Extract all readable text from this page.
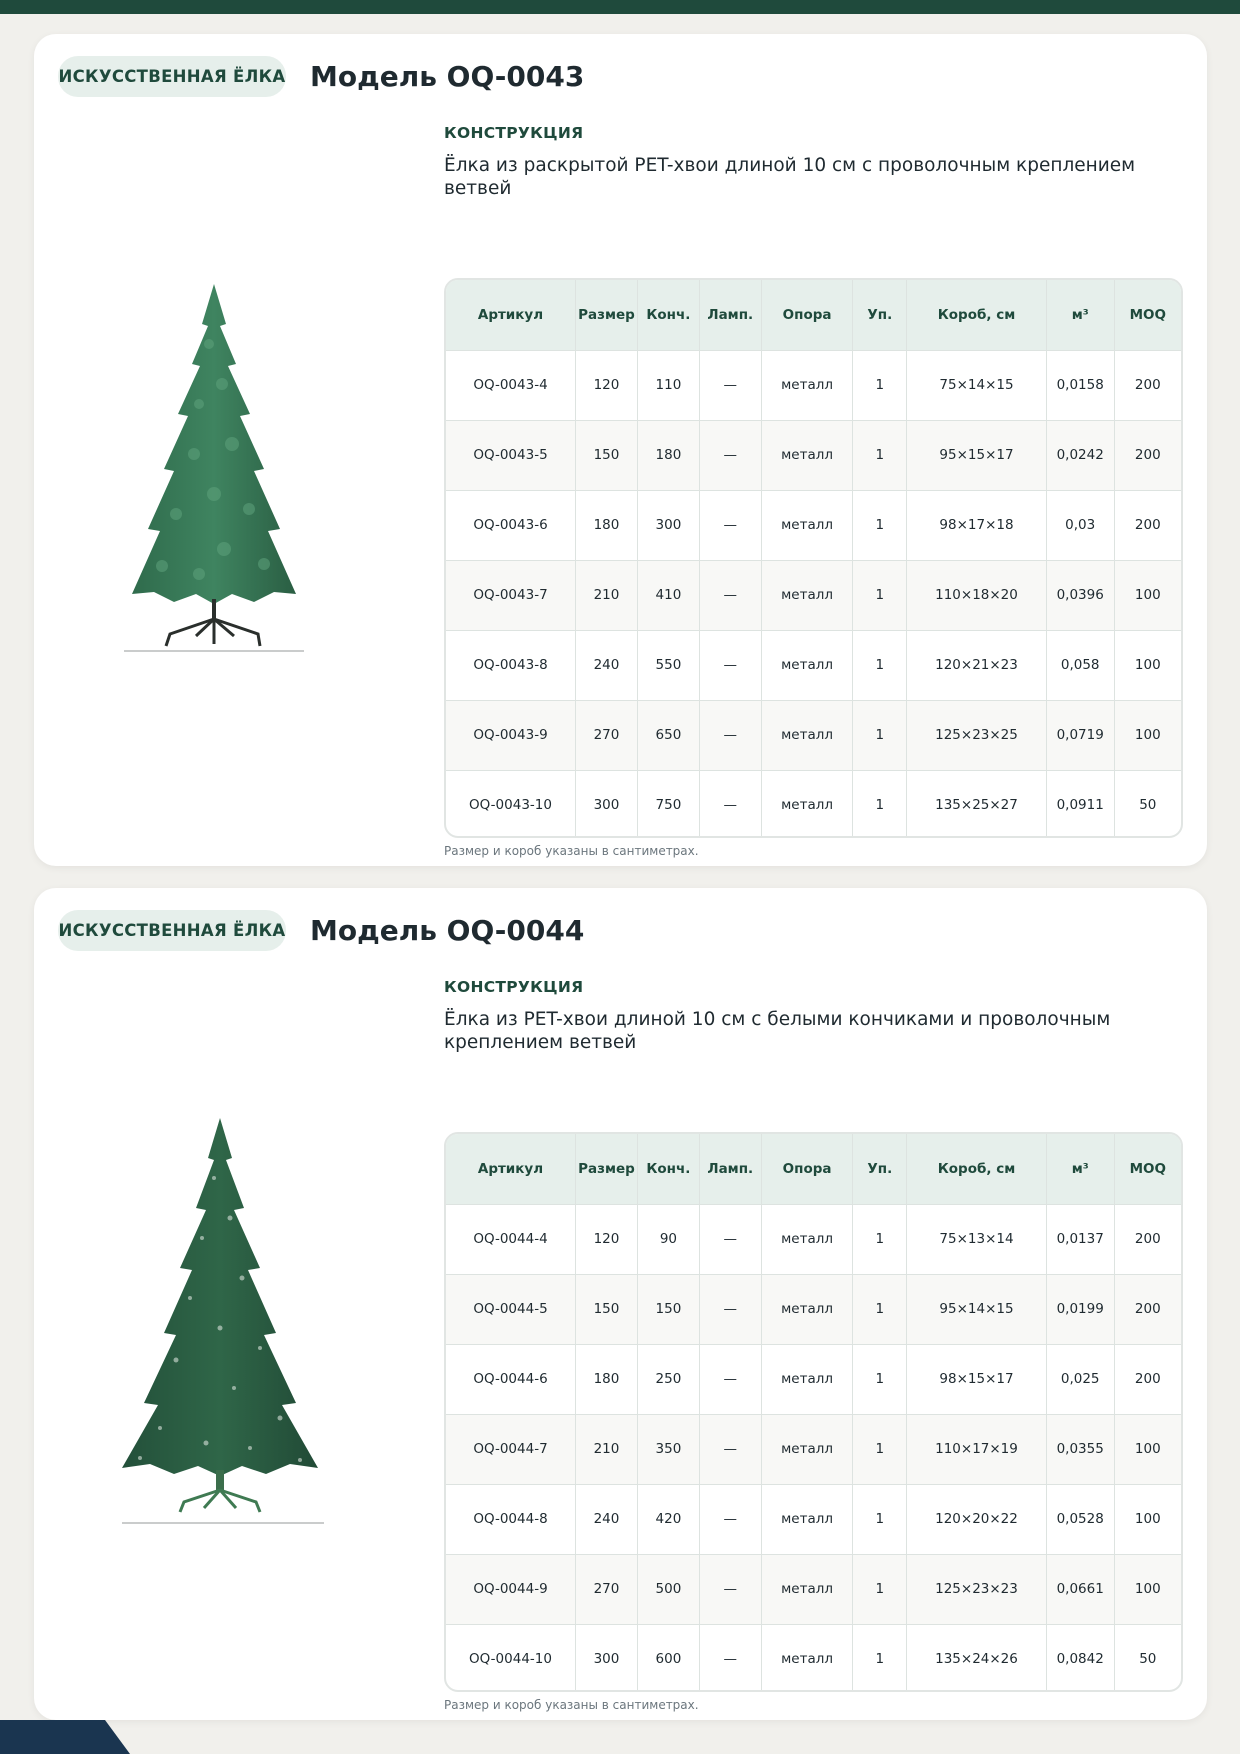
ИСКУССТВЕННАЯ ЁЛКА Модель OQ-0043
КОНСТРУКЦИЯ
Ёлка из раскрытой PET-хвои длиной 10 см с проволочным креплением ветвей
Артикул	Размер	Конч.	Ламп.	Опора	Уп.	Короб, см	м³	MOQ
OQ-0043-4	120	110	—	металл	1	75×14×15	0,0158	200
OQ-0043-5	150	180	—	металл	1	95×15×17	0,0242	200
OQ-0043-6	180	300	—	металл	1	98×17×18	0,03	200
OQ-0043-7	210	410	—	металл	1	110×18×20	0,0396	100
OQ-0043-8	240	550	—	металл	1	120×21×23	0,058	100
OQ-0043-9	270	650	—	металл	1	125×23×25	0,0719	100
OQ-0043-10	300	750	—	металл	1	135×25×27	0,0911	50
Размер и короб указаны в сантиметрах.
ИСКУССТВЕННАЯ ЁЛКА Модель OQ-0044
КОНСТРУКЦИЯ
Ёлка из PET-хвои длиной 10 см с белыми кончиками и проволочным креплением ветвей
Артикул	Размер	Конч.	Ламп.	Опора	Уп.	Короб, см	м³	MOQ
OQ-0044-4	120	90	—	металл	1	75×13×14	0,0137	200
OQ-0044-5	150	150	—	металл	1	95×14×15	0,0199	200
OQ-0044-6	180	250	—	металл	1	98×15×17	0,025	200
OQ-0044-7	210	350	—	металл	1	110×17×19	0,0355	100
OQ-0044-8	240	420	—	металл	1	120×20×22	0,0528	100
OQ-0044-9	270	500	—	металл	1	125×23×23	0,0661	100
OQ-0044-10	300	600	—	металл	1	135×24×26	0,0842	50
Размер и короб указаны в сантиметрах.
